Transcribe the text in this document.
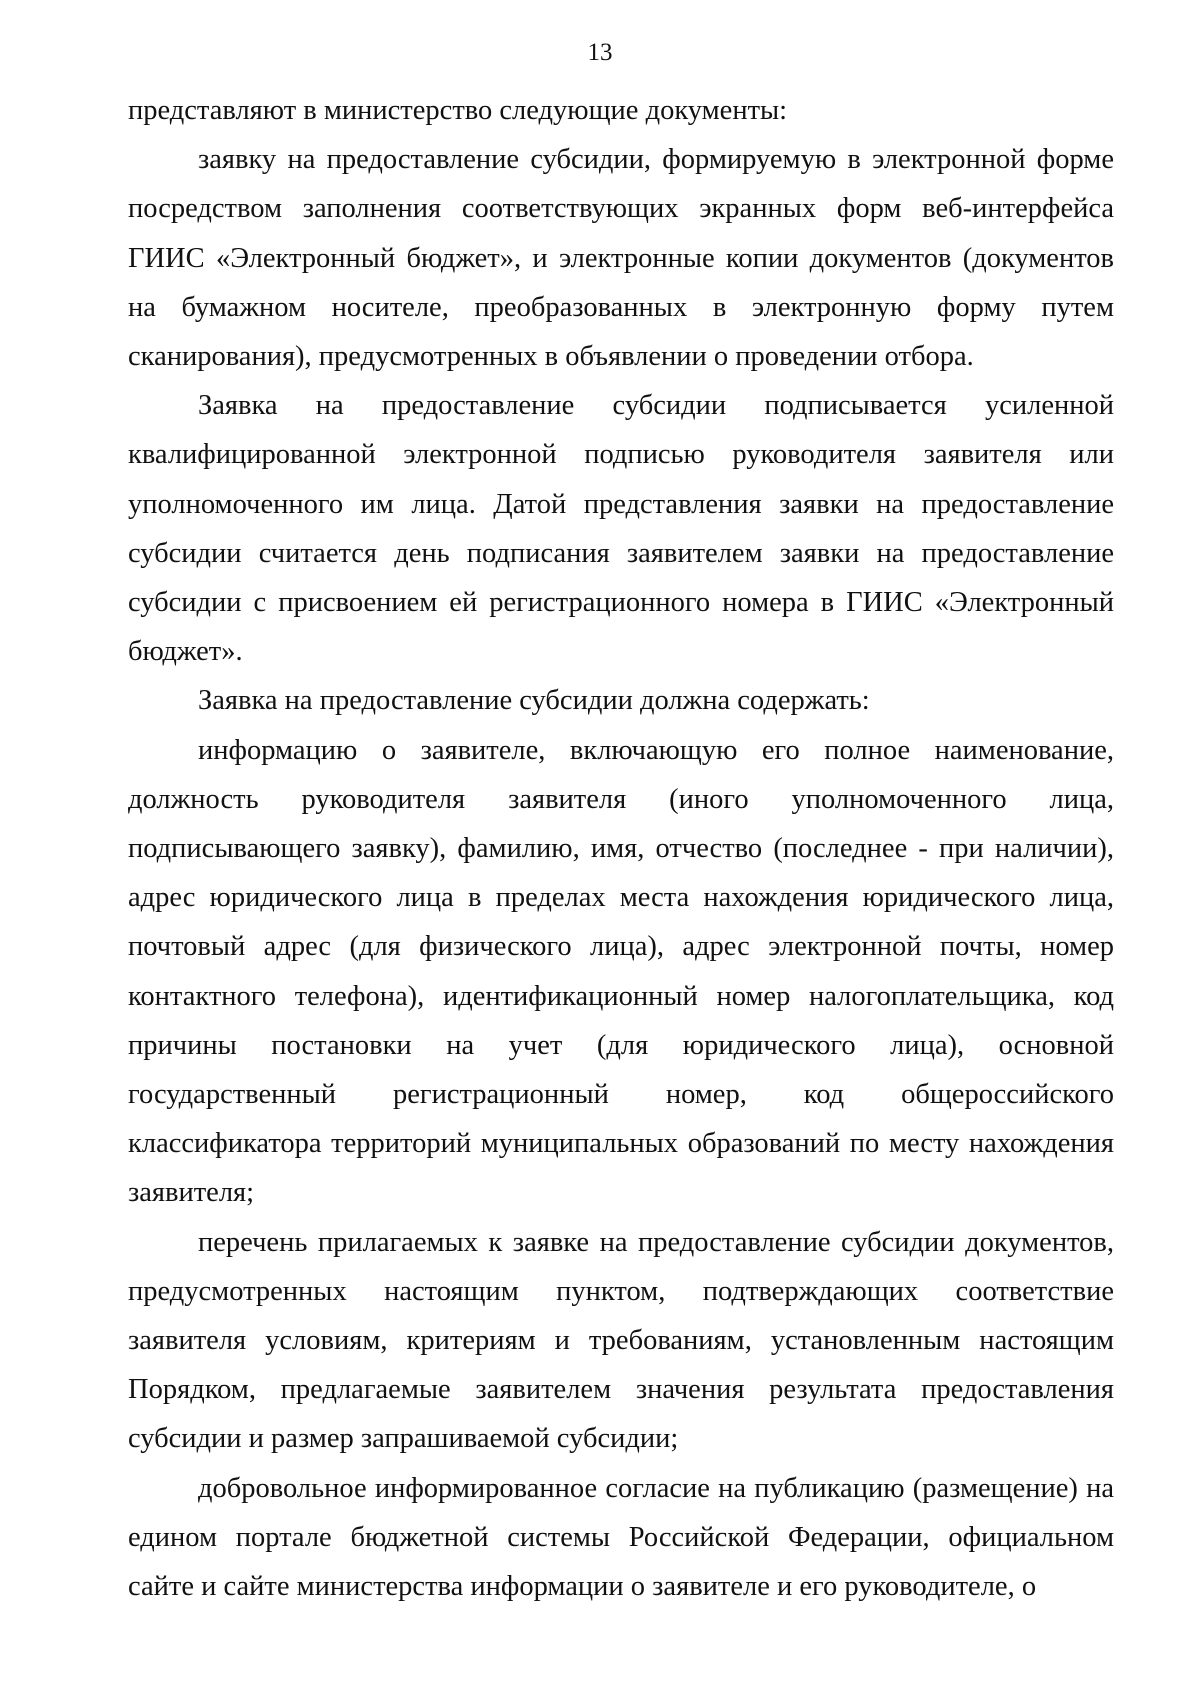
13

представляют в министерство следующие документы:

заявку на предоставление субсидии, формируемую в электронной форме посредством заполнения соответствующих экранных форм веб-интерфейса ГИИС «Электронный бюджет», и электронные копии документов (документов на бумажном носителе, преобразованных в электронную форму путем сканирования), предусмотренных в объявлении о проведении отбора.

Заявка на предоставление субсидии подписывается усиленной квалифицированной электронной подписью руководителя заявителя или уполномоченного им лица. Датой представления заявки на предоставление субсидии считается день подписания заявителем заявки на предоставление субсидии с присвоением ей регистрационного номера в ГИИС «Электронный бюджет».

Заявка на предоставление субсидии должна содержать:

информацию о заявителе, включающую его полное наименование, должность руководителя заявителя (иного уполномоченного лица, подписывающего заявку), фамилию, имя, отчество (последнее - при наличии), адрес юридического лица в пределах места нахождения юридического лица, почтовый адрес (для физического лица), адрес электронной почты, номер контактного телефона), идентификационный номер налогоплательщика, код причины постановки на учет (для юридического лица), основной государственный регистрационный номер, код общероссийского классификатора территорий муниципальных образований по месту нахождения заявителя;

перечень прилагаемых к заявке на предоставление субсидии документов, предусмотренных настоящим пунктом, подтверждающих соответствие заявителя условиям, критериям и требованиям, установленным настоящим Порядком, предлагаемые заявителем значения результата предоставления субсидии и размер запрашиваемой субсидии;

добровольное информированное согласие на публикацию (размещение) на едином портале бюджетной системы Российской Федерации, официальном сайте и сайте министерства информации о заявителе и его руководителе, о
